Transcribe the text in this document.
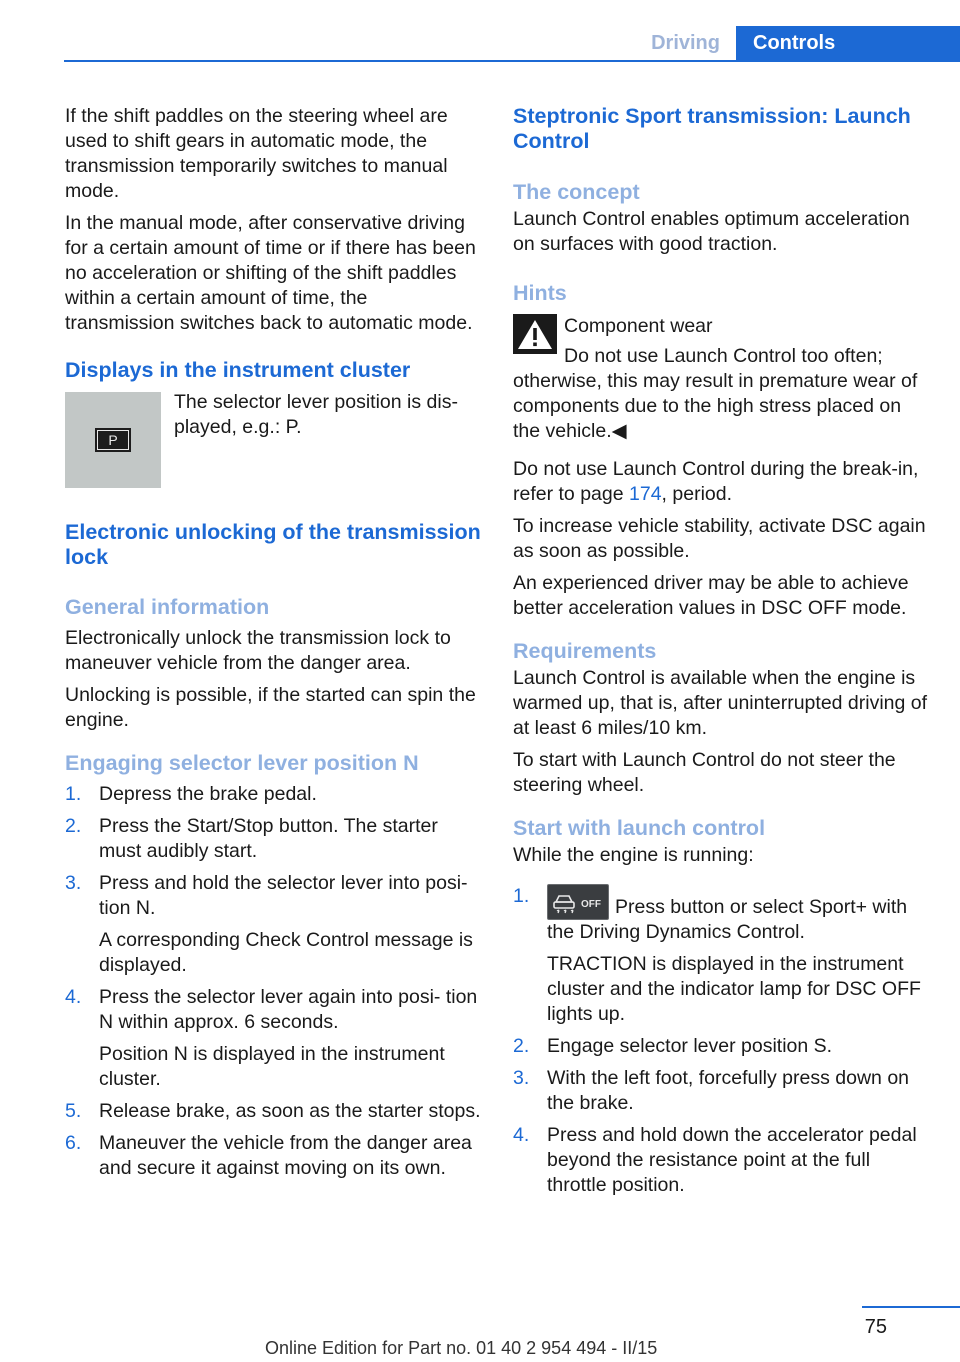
Driving	Controls

If the shift paddles on the steering wheel are used to shift gears in automatic mode, the transmission temporarily switches to manual mode.

In the manual mode, after conservative driving for a certain amount of time or if there has been no acceleration or shifting of the shift paddles within a certain amount of time, the transmission switches back to automatic mode.

Displays in the instrument cluster
P

The selector lever position is dis‐ played, e.g.: P.

Electronic unlocking of the transmission lock
General information

Electronically unlock the transmission lock to maneuver vehicle from the danger area.

Unlocking is possible, if the started can spin the engine.

Engaging selector lever position N
1. Depress the brake pedal.
2. Press the Start/Stop button. The starter must audibly start.
3. Press and hold the selector lever into posi‐ tion N.
A corresponding Check Control message is displayed.
4. Press the selector lever again into posi‐ tion N within approx. 6 seconds.
Position N is displayed in the instrument cluster.
5. Release brake, as soon as the starter stops.
6. Maneuver the vehicle from the danger area and secure it against moving on its own.
Steptronic Sport transmission: Launch Control
The concept

Launch Control enables optimum acceleration on surfaces with good traction.

Hints

Component wear

Do not use Launch Control too often; otherwise, this may result in premature wear of components due to the high stress placed on the vehicle.◀

Do not use Launch Control during the break-in, refer to page 174, period.

To increase vehicle stability, activate DSC again as soon as possible.

An experienced driver may be able to achieve better acceleration values in DSC OFF mode.

Requirements

Launch Control is available when the engine is warmed up, that is, after uninterrupted driving of at least 6 miles/10 km.

To start with Launch Control do not steer the steering wheel.

Start with launch control

While the engine is running:

1.	OFF Press button or select Sport+ with the Driving Dynamics Control.
TRACTION is displayed in the instrument cluster and the indicator lamp for DSC OFF lights up.
2. Engage selector lever position S.
3. With the left foot, forcefully press down on the brake.
4. Press and hold down the accelerator pedal beyond the resistance point at the full throttle position.
75
Online Edition for Part no. 01 40 2 954 494 - II/15
